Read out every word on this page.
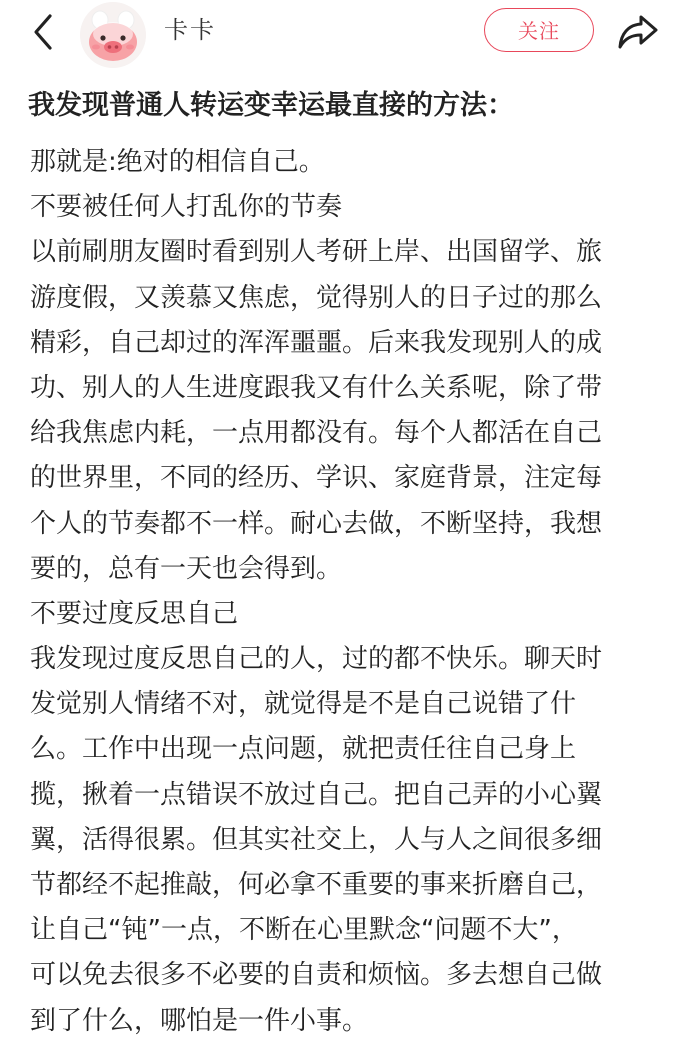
卡卡	关注
我发现普通人转运变幸运最直接的方法：
那就是:绝对的相信自己。
不要被任何人打乱你的节奏
以前刷朋友圈时看到别人考研上岸、出国留学、旅
游度假，又羡慕又焦虑，觉得别人的日子过的那么
精彩，自己却过的浑浑噩噩。后来我发现别人的成
功、别人的人生进度跟我又有什么关系呢，除了带
给我焦虑内耗，一点用都没有。每个人都活在自己
的世界里，不同的经历、学识、家庭背景，注定每
个人的节奏都不一样。耐心去做，不断坚持，我想
要的，总有一天也会得到。
不要过度反思自己
我发现过度反思自己的人，过的都不快乐。聊天时
发觉别人情绪不对，就觉得是不是自己说错了什
么。工作中出现一点问题，就把责任往自己身上
揽，揪着一点错误不放过自己。把自己弄的小心翼
翼，活得很累。但其实社交上，人与人之间很多细
节都经不起推敲，何必拿不重要的事来折磨自己，
让自己“钝”一点，不断在心里默念“问题不大”，
可以免去很多不必要的自责和烦恼。多去想自己做
到了什么，哪怕是一件小事。
